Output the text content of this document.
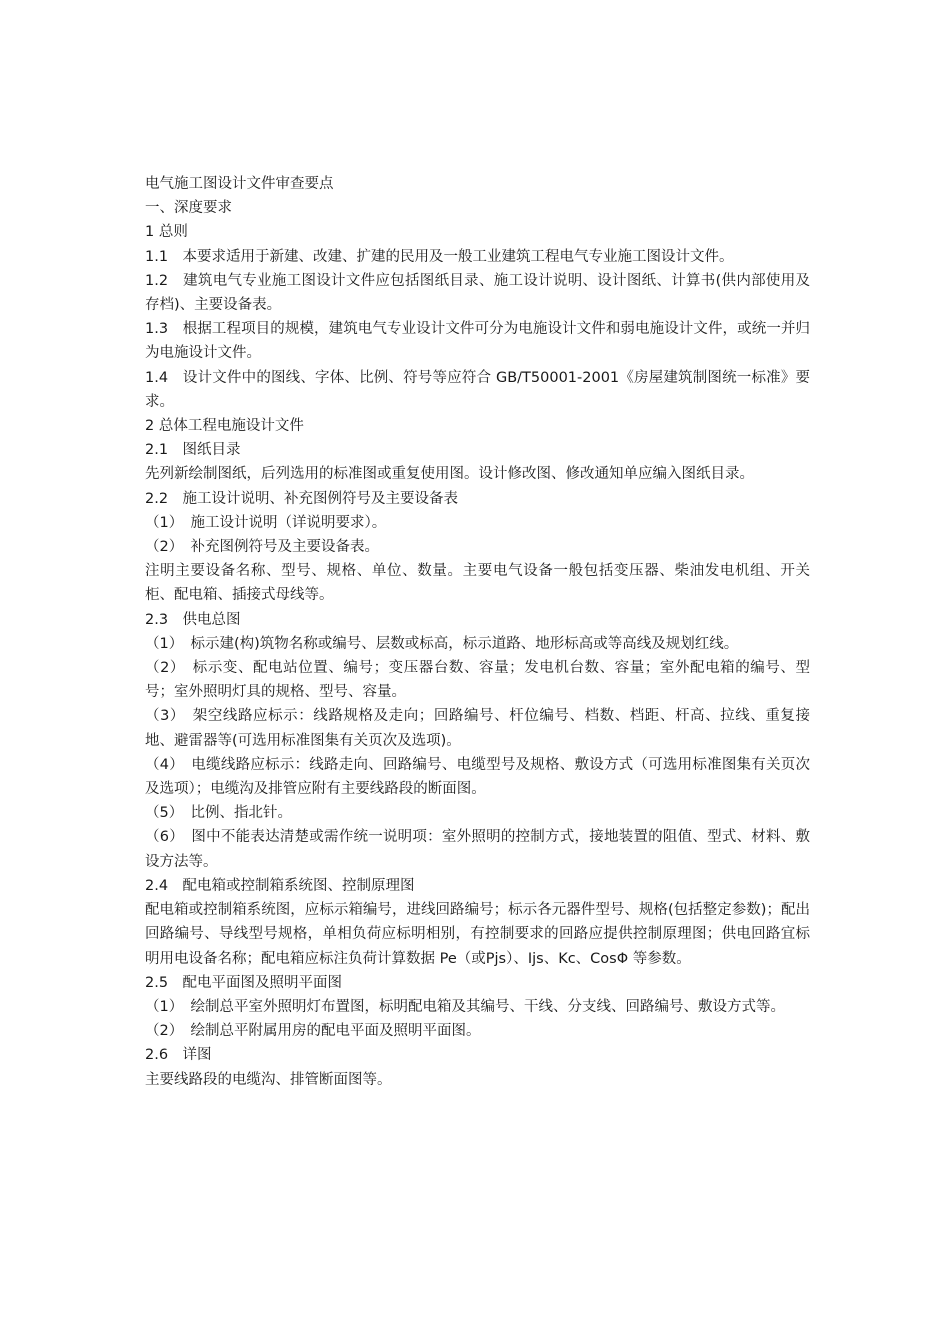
电气施工图设计文件审查要点

一、深度要求

1 总则

1.1　本要求适用于新建、改建、扩建的民用及一般工业建筑工程电气专业施工图设计文件。

1.2　建筑电气专业施工图设计文件应包括图纸目录、施工设计说明、设计图纸、计算书(供内部使用及存档)、主要设备表。

1.3　根据工程项目的规模，建筑电气专业设计文件可分为电施设计文件和弱电施设计文件，或统一并归为电施设计文件。

1.4　设计文件中的图线、字体、比例、符号等应符合 GB/T50001-2001《房屋建筑制图统一标准》要求。

2 总体工程电施设计文件

2.1　图纸目录

先列新绘制图纸，后列选用的标准图或重复使用图。设计修改图、修改通知单应编入图纸目录。

2.2　施工设计说明、补充图例符号及主要设备表

（1）　施工设计说明（详说明要求）。

（2）　补充图例符号及主要设备表。

注明主要设备名称、型号、规格、单位、数量。主要电气设备一般包括变压器、柴油发电机组、开关柜、配电箱、插接式母线等。

2.3　供电总图

（1）　标示建(构)筑物名称或编号、层数或标高，标示道路、地形标高或等高线及规划红线。

（2）　标示变、配电站位置、编号；变压器台数、容量；发电机台数、容量；室外配电箱的编号、型号；室外照明灯具的规格、型号、容量。

（3）　架空线路应标示：线路规格及走向；回路编号、杆位编号、档数、档距、杆高、拉线、重复接地、避雷器等(可选用标准图集有关页次及选项)。

（4）　电缆线路应标示：线路走向、回路编号、电缆型号及规格、敷设方式（可选用标准图集有关页次及选项）；电缆沟及排管应附有主要线路段的断面图。

（5）　比例、指北针。

（6）　图中不能表达清楚或需作统一说明项：室外照明的控制方式，接地装置的阻值、型式、材料、敷设方法等。

2.4　配电箱或控制箱系统图、控制原理图

配电箱或控制箱系统图，应标示箱编号，进线回路编号；标示各元器件型号、规格(包括整定参数)；配出回路编号、导线型号规格，单相负荷应标明相别，有控制要求的回路应提供控制原理图；供电回路宜标明用电设备名称；配电箱应标注负荷计算数据 Pe（或Pjs）、Ijs、Kc、CosΦ 等参数。

2.5　配电平面图及照明平面图

（1）　绘制总平室外照明灯布置图，标明配电箱及其编号、干线、分支线、回路编号、敷设方式等。

（2）　绘制总平附属用房的配电平面及照明平面图。

2.6　详图

主要线路段的电缆沟、排管断面图等。
